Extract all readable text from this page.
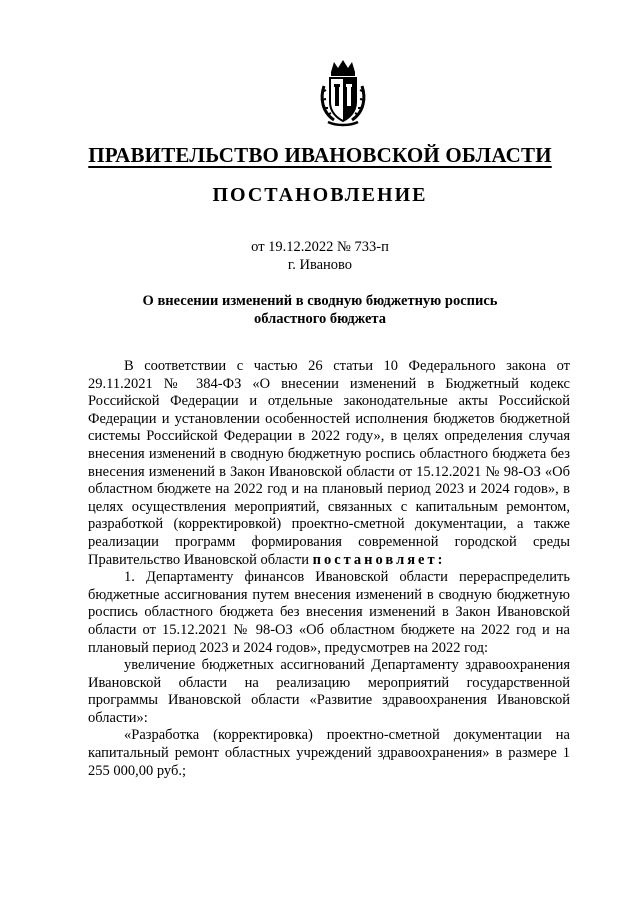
ПРАВИТЕЛЬСТВО ИВАНОВСКОЙ ОБЛАСТИ
ПОСТАНОВЛЕНИЕ
от 19.12.2022 № 733-п
г. Иваново
О внесении изменений в сводную бюджетную роспись
областного бюджета

В соответствии с частью 26 статьи 10 Федерального закона от 29.11.2021 № 384-ФЗ «О внесении изменений в Бюджетный кодекс Российской Федерации и отдельные законодательные акты Российской Федерации и установлении особенностей исполнения бюджетов бюджетной системы Российской Федерации в 2022 году», в целях определения случая внесения изменений в сводную бюджетную роспись областного бюджета без внесения изменений в Закон Ивановской области от 15.12.2021 № 98-ОЗ «Об областном бюджете на 2022 год и на плановый период 2023 и 2024 годов», в целях осуществления мероприятий, связанных с капитальным ремонтом, разработкой (корректировкой) проектно-сметной документации, а также реализации программ формирования современной городской среды Правительство Ивановской области постановляет:

1. Департаменту финансов Ивановской области перераспределить бюджетные ассигнования путем внесения изменений в сводную бюджетную роспись областного бюджета без внесения изменений в Закон Ивановской области от 15.12.2021 № 98-ОЗ «Об областном бюджете на 2022 год и на плановый период 2023 и 2024 годов», предусмотрев на 2022 год:

увеличение бюджетных ассигнований Департаменту здравоохранения Ивановской области на реализацию мероприятий государственной программы Ивановской области «Развитие здравоохранения Ивановской области»:

«Разработка (корректировка) проектно-сметной документации на капитальный ремонт областных учреждений здравоохранения» в размере 1 255 000,00 руб.;
